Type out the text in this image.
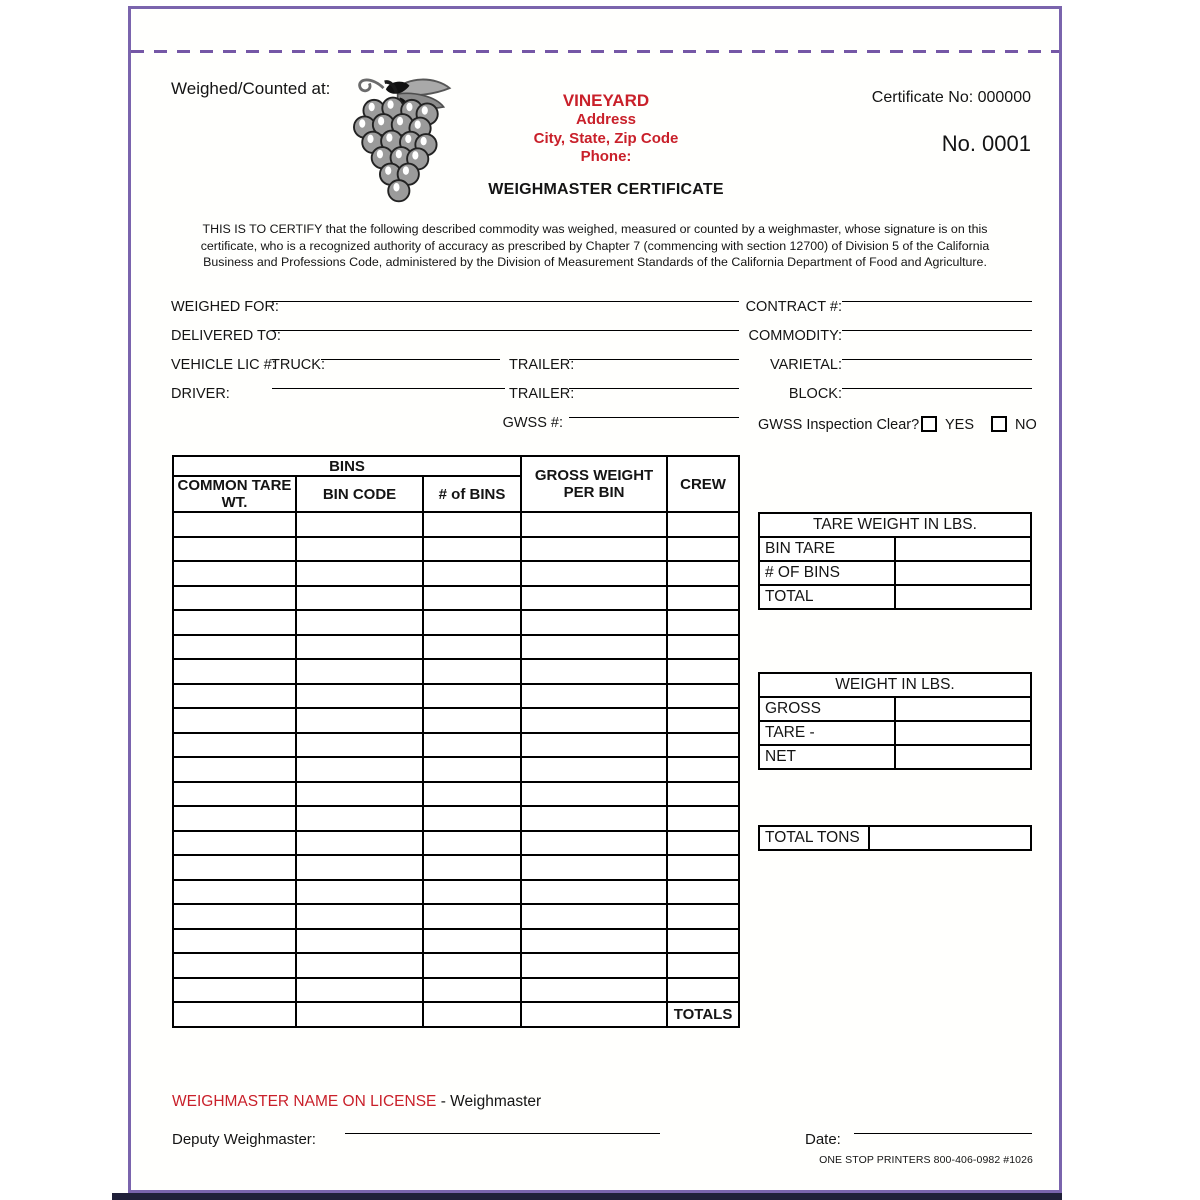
Weighed/Counted at:
VINEYARD
Address
City, State, Zip Code
Phone:
WEIGHMASTER CERTIFICATE
Certificate No: 000000
No. 0001
THIS IS TO CERTIFY that the following described commodity was weighed, measured or counted by a weighmaster, whose signature is on this
certificate, who is a recognized authority of accuracy as prescribed by Chapter 7 (commencing with section 12700) of Division 5 of the California
Business and Professions Code, administered by the Division of Measurement Standards of the California Department of Food and Agriculture.
WEIGHED FOR:
DELIVERED TO:
VEHICLE LIC #:
TRUCK:	TRAILER:
DRIVER:	TRAILER:
GWSS #:
CONTRACT #:
COMMODITY:
VARIETAL:
BLOCK:
GWSS Inspection Clear? YES	NO
BINS			GROSS WEIGHT PER BIN	CREW
COMMON TARE WT.	BIN CODE	# of BINS		

				TOTALS
TARE WEIGHT IN LBS.	
BIN TARE	
# OF BINS	
TOTAL	
WEIGHT IN LBS.	
GROSS	
TARE -	
NET	
TOTAL TONS	
WEIGHMASTER NAME ON LICENSE - Weighmaster
Deputy Weighmaster:	Date:
ONE STOP PRINTERS 800-406-0982 #1026
